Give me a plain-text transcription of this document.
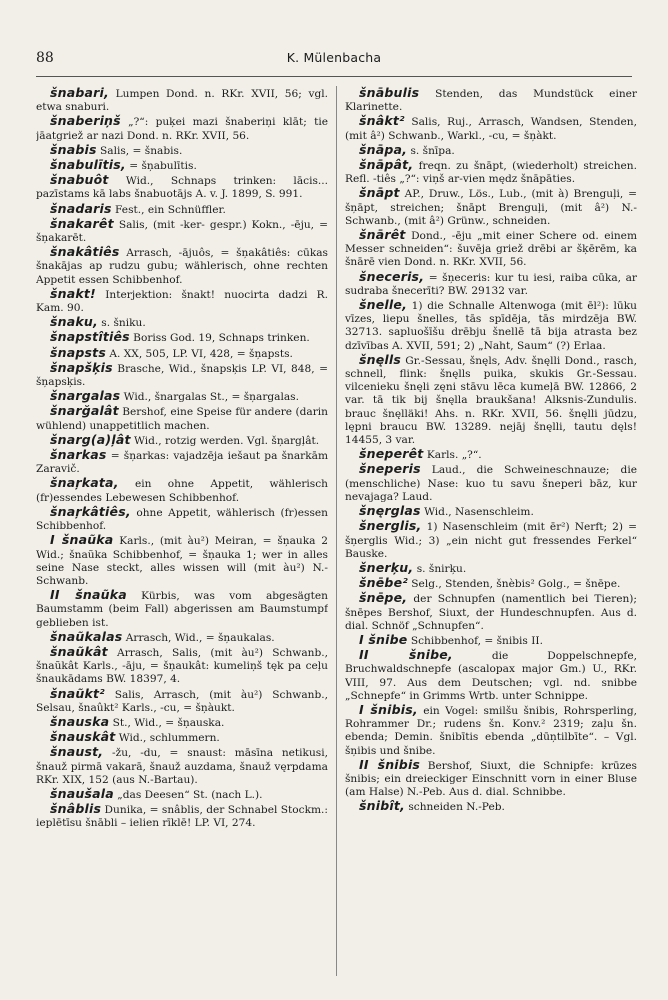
88	K. Mülenbacha

šnabari, Lumpen Dond. n. RKr. XVII, 56; vgl. etwa snaburi.

šnaberiņš „?“: puķei mazi šnaberiņi klāt; tie jāatgriež ar nazi Dond. n. RKr. XVII, 56.

šnabis Salis, = šnabis.

šnabulītis, = šņabulītis.

šnabuôt Wid., Schnaps trinken: lācis... pazīstams kā labs šnabuotājs A. v. J. 1899, S. 991.

šnadaris Fest., ein Schnüffler.

šnakarêt Salis, (mit -ker- gespr.) Kokn., -ēju, = šņakarēt.

šnakâtiês Arrasch, -ājuôs, = šņakâtiês: cūkas šnakājas ap rudzu gubu; wählerisch, ohne rechten Appetit essen Schibbenhof.

šnakt! Interjektion: šnakt! nuocirta dadzi R. Kam. 90.

šnaku, s. šniku.

šnapstîtiês Boriss God. 19, Schnaps trinken.

šnapsts A. XX, 505, LP. VI, 428, = šņapsts.

šnapšķis Brasche, Wid., šnapsķis LP. VI, 848, = šņapsķis.

šnargalas Wid., šnargalas St., = šņargalas.

šnarğalât Bershof, eine Speise für andere (darin wühlend) unappetitlich machen.

šnarg(a)ļât Wid., rotzig werden. Vgl. šņargļât.

šnarkas = šņarkas: vajadzēja iešaut pa šnarkām Zaravič.

šnaŗkata, ein ohne Appetit, wählerisch (fr)essendes Lebewesen Schibbenhof.

šnaŗkâtiês, ohne Appetit, wählerisch (fr)essen Schibbenhof.

I šnaũka Karls., (mit àu²) Meiran, = šņauka 2 Wid.; šnaũka Schibbenhof, = šņauka 1; wer in alles seine Nase steckt, alles wissen will (mit àu²) N.-Schwanb.

II šnaũka Kürbis, was vom abgesägten Baumstamm (beim Fall) abgerissen am Baumstumpf geblieben ist.

šnaũkalas Arrasch, Wid., = šņaukalas.

šnaũkât Arrasch, Salis, (mit àu²) Schwanb., šnaũkât Karls., -āju, = šņaukât: kumeliņš tęk pa ceļu šnaukādams BW. 18397, 4.

šnaũkt² Salis, Arrasch, (mit àu²) Schwanb., Selsau, šnaûkt² Karls., -cu, = šņàukt.

šnauska St., Wid., = šņauska.

šnauskât Wid., schlummern.

šnaust, -žu, -du, = snaust: māsīna netikusi, šnauž pirmā vakarā, šnauž auzdama, šnauž vęrpdama RKr. XIX, 152 (aus N.-Bartau).

šnaušala „das Deesen“ St. (nach L.).

šnâblis Dunika, = snâblis, der Schnabel Stockm.: ieplētīsu šnābli – ielien rīklē! LP. VI, 274.

šnābulis Stenden, das Mundstück einer Klarinette.

šnâkt² Salis, Ruj., Arrasch, Wandsen, Stenden, (mit â²) Schwanb., Warkl., -cu, = šņàkt.

šnāpa, s. šnīpa.

šnāpât, freqn. zu šnāpt, (wiederholt) streichen. Refl. -tiês „?“: viņš ar-vien mędz šnāpāties.

šnāpt AP., Druw., Lös., Lub., (mit à) Brenguļi, = šņāpt, streichen; šnāpt Brenguļi, (mit â²) N.-Schwanb., (mit â²) Grünw., schneiden.

šnārêt Dond., -ēju „mit einer Schere od. einem Messer schneiden“: šuvēja griež drēbi ar šķērēm, ka šnārē vien Dond. n. RKr. XVII, 56.

šneceris, = šņeceris: kur tu iesi, raiba cūka, ar sudraba šnecerīti? BW. 29132 var.

šnelle, 1) die Schnalle Altenwoga (mit ēl²): lūku vīzes, liepu šnelles, tās spīdēja, tās mirdzēja BW. 32713. sapluošīšu drēbju šnellē tā bija atrasta bez dzīvības A. XVII, 591; 2) „Naht, Saum“ (?) Erlaa.

šnęlls Gr.-Sessau, šnęls, Adv. šnęlli Dond., rasch, schnell, flink: šnęlls puika, skukis Gr.-Sessau. vilcenieku šnęli zęni stāvu lēca kumeļā BW. 12866, 2 var. tā tik bij šnęlla braukšana! Alksnis-Zundulis. brauc šnęlläki! Ahs. n. RKr. XVII, 56. šnęlli jūdzu, lępni braucu BW. 13289. nejāj šnęlli, tautu dęls! 14455, 3 var.

šneperêt Karls. „?“.

šneperis Laud., die Schweineschnauze; die (menschliche) Nase: kuo tu savu šneperi bāz, kur nevajaga? Laud.

šnęrglas Wid., Nasenschleim.

šnerglis, 1) Nasenschleim (mit ēr²) Nerft; 2) = šņerglis Wid.; 3) „ein nicht gut fressendes Ferkel“ Bauske.

šnerķu, s. šnirķu.

šnēbe² Selg., Stenden, šnèbis² Golg., = šnēpe.

šnēpe, der Schnupfen (namentlich bei Tieren); šnēpes Bershof, Siuxt, der Hundeschnupfen. Aus d. dial. Schnöf „Schnupfen“.

I šnibe Schibbenhof, = šnibis II.

II šnibe, die Doppelschnepfe, Bruchwaldschnepfe (ascalopax major Gm.) U., RKr. VIII, 97. Aus dem Deutschen; vgl. nd. snibbe „Schnepfe“ in Grimms Wrtb. unter Schnippe.

I šnibis, ein Vogel: smilšu šnibis, Rohrsperling, Rohrammer Dr.; rudens šn. Konv.² 2319; zaļu šn. ebenda; Demin. šnibītis ebenda „dūņtilbīte“. – Vgl. šņibis und šnibe.

II šnibis Bershof, Siuxt, die Schnipfe: krūzes šnibis; ein dreieckiger Einschnitt vorn in einer Bluse (am Halse) N.-Peb. Aus d. dial. Schnibbe.

šnibît, schneiden N.-Peb.
